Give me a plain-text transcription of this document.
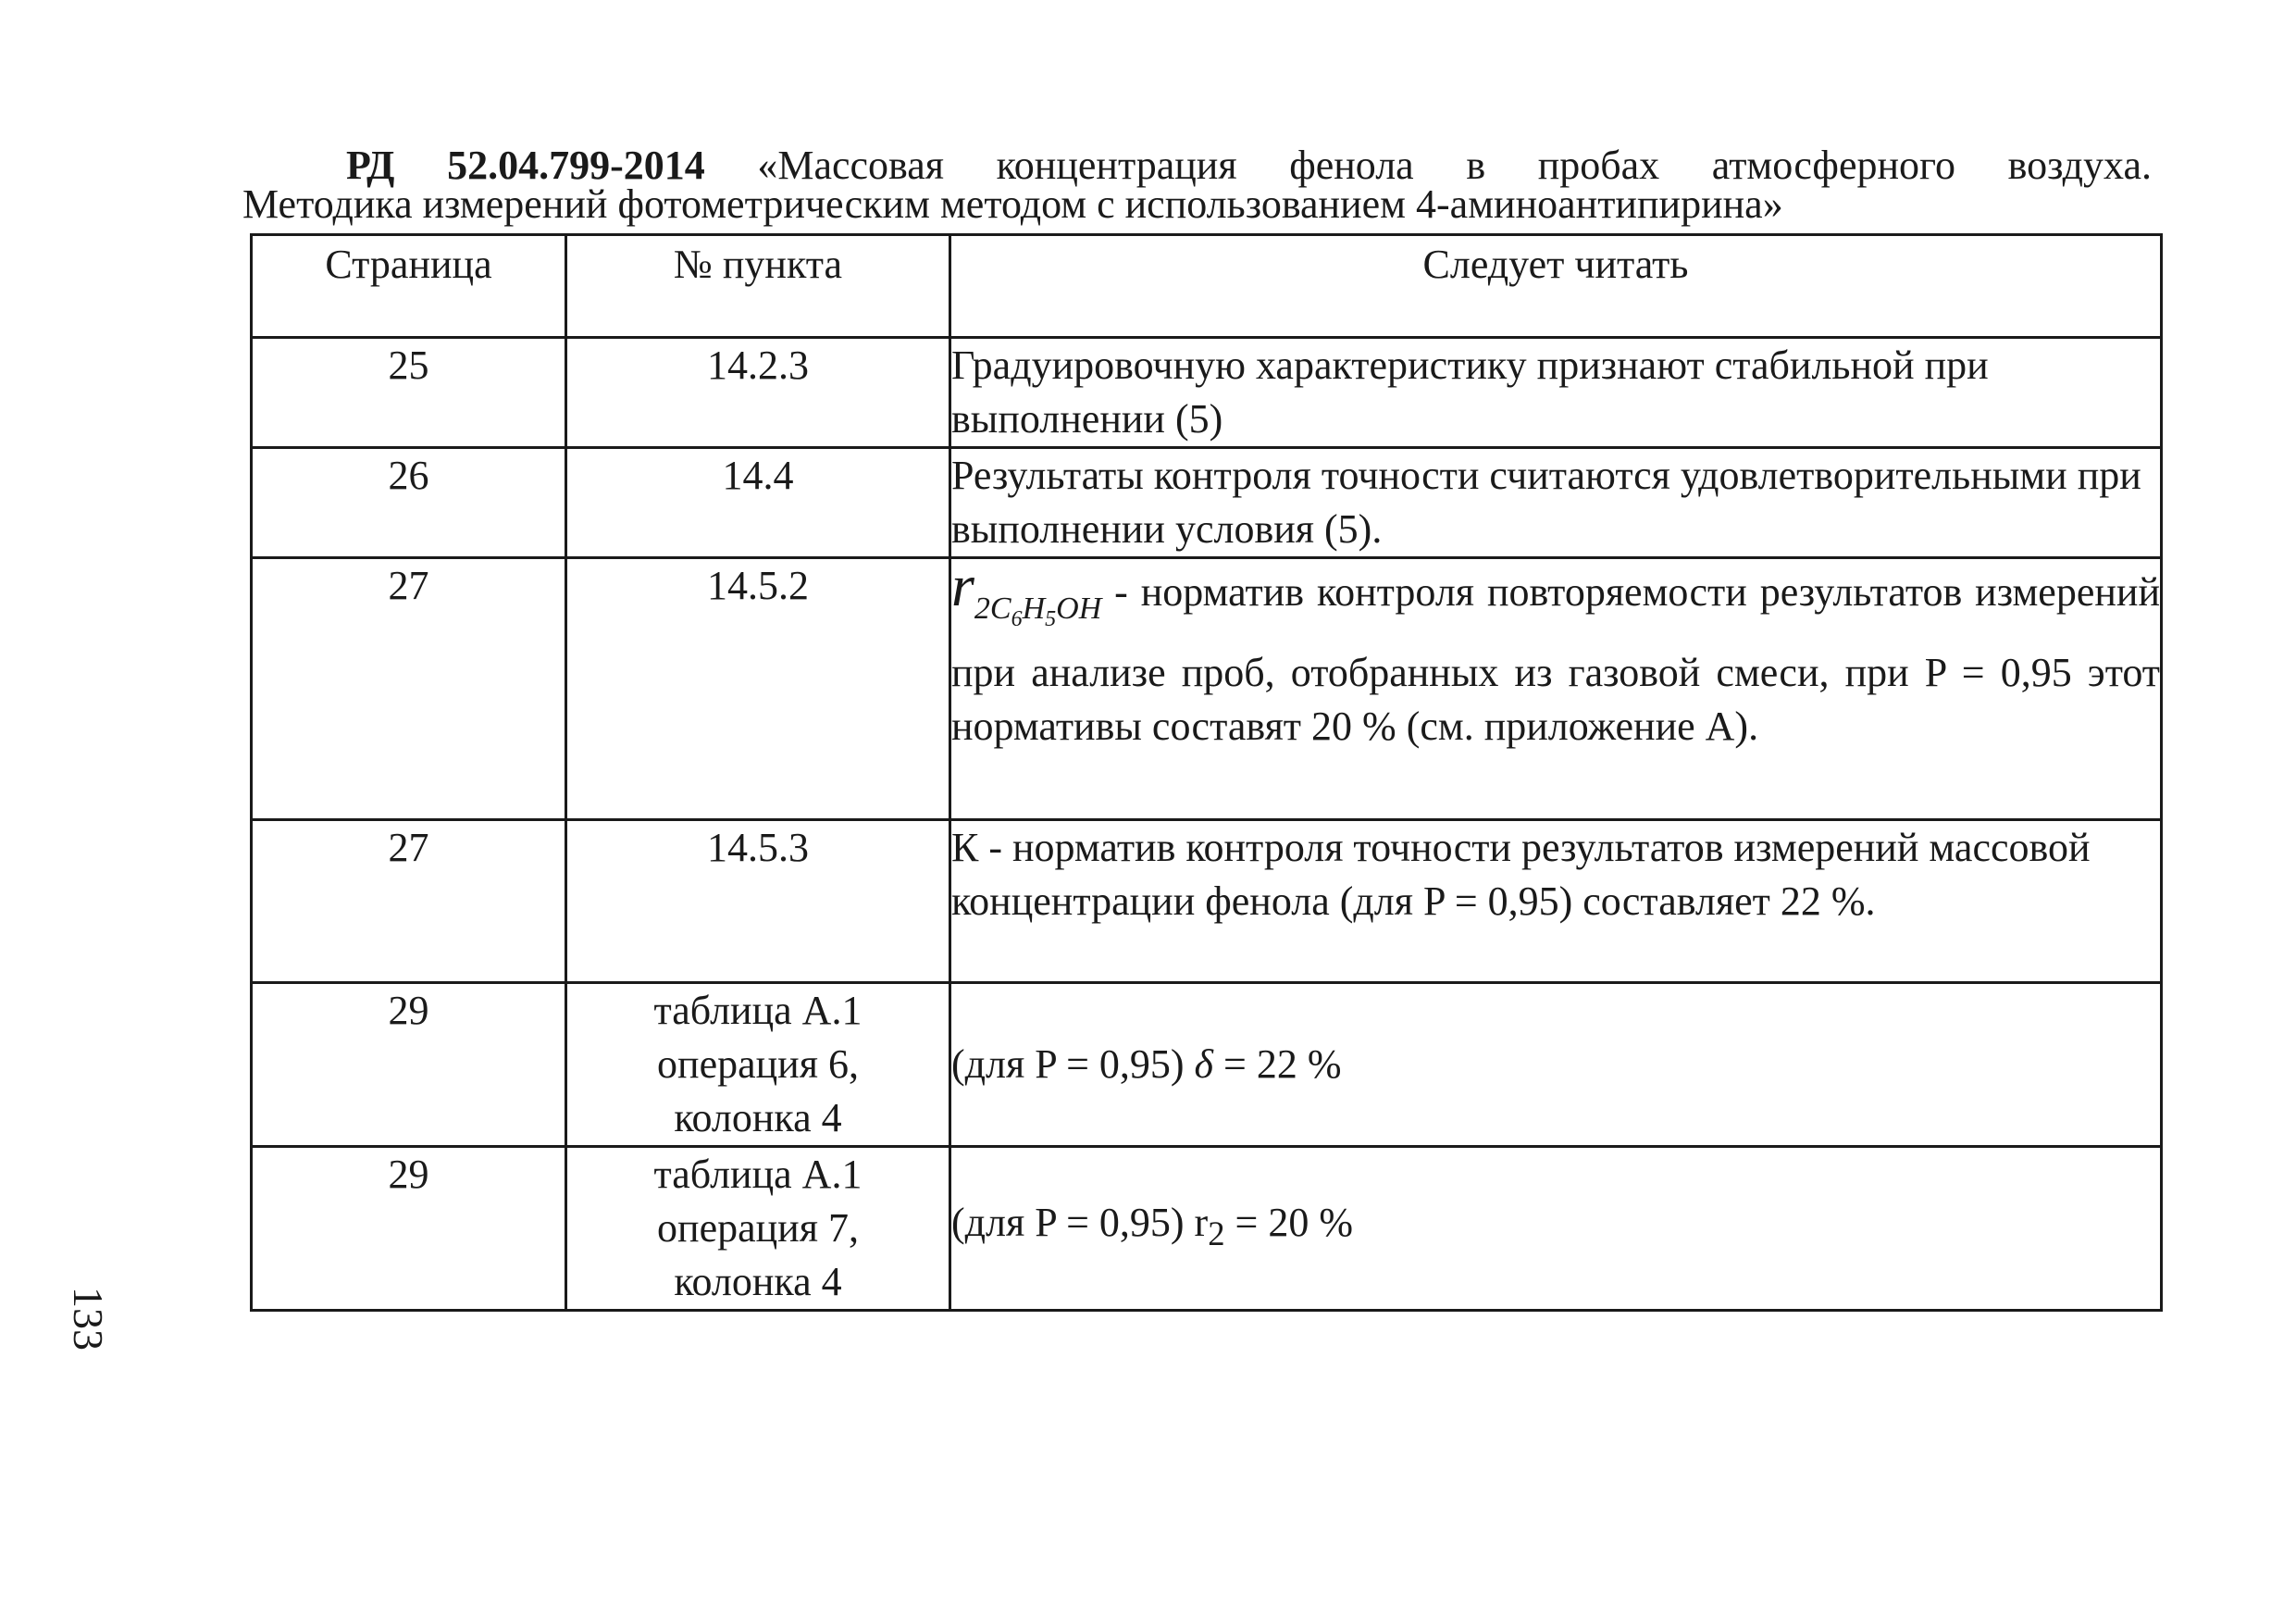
РД 52.04.799-2014 «Массовая концентрация фенола в пробах атмосферного воздуха.
Методика измерений фотометрическим методом с использованием 4-аминоантипирина»
Страница	№ пункта	Следует читать
25	14.2.3	Градуировочную характеристику признают стабильной при выполнении (5)
26	14.4	Результаты контроля точности считаются удовлетворительными при выполнении условия (5).
27	14.5.2	$r_{2C_6H_5OH}$ - норматив контроля повторяемости результатов измерений при анализе проб, отобранных из газовой смеси, при P = 0,95 этот нормативы составят 20 % (см. приложение А).
27	14.5.3	К - норматив контроля точности результатов измерений массовой концентрации фенола (для P = 0,95) составляет 22 %.
29	таблица А.1
операция 6,
колонка 4	(для P = 0,95) δ = 22 %
29	таблица А.1
операция 7,
колонка 4	(для P = 0,95) $r_2 = 20$ %
133
